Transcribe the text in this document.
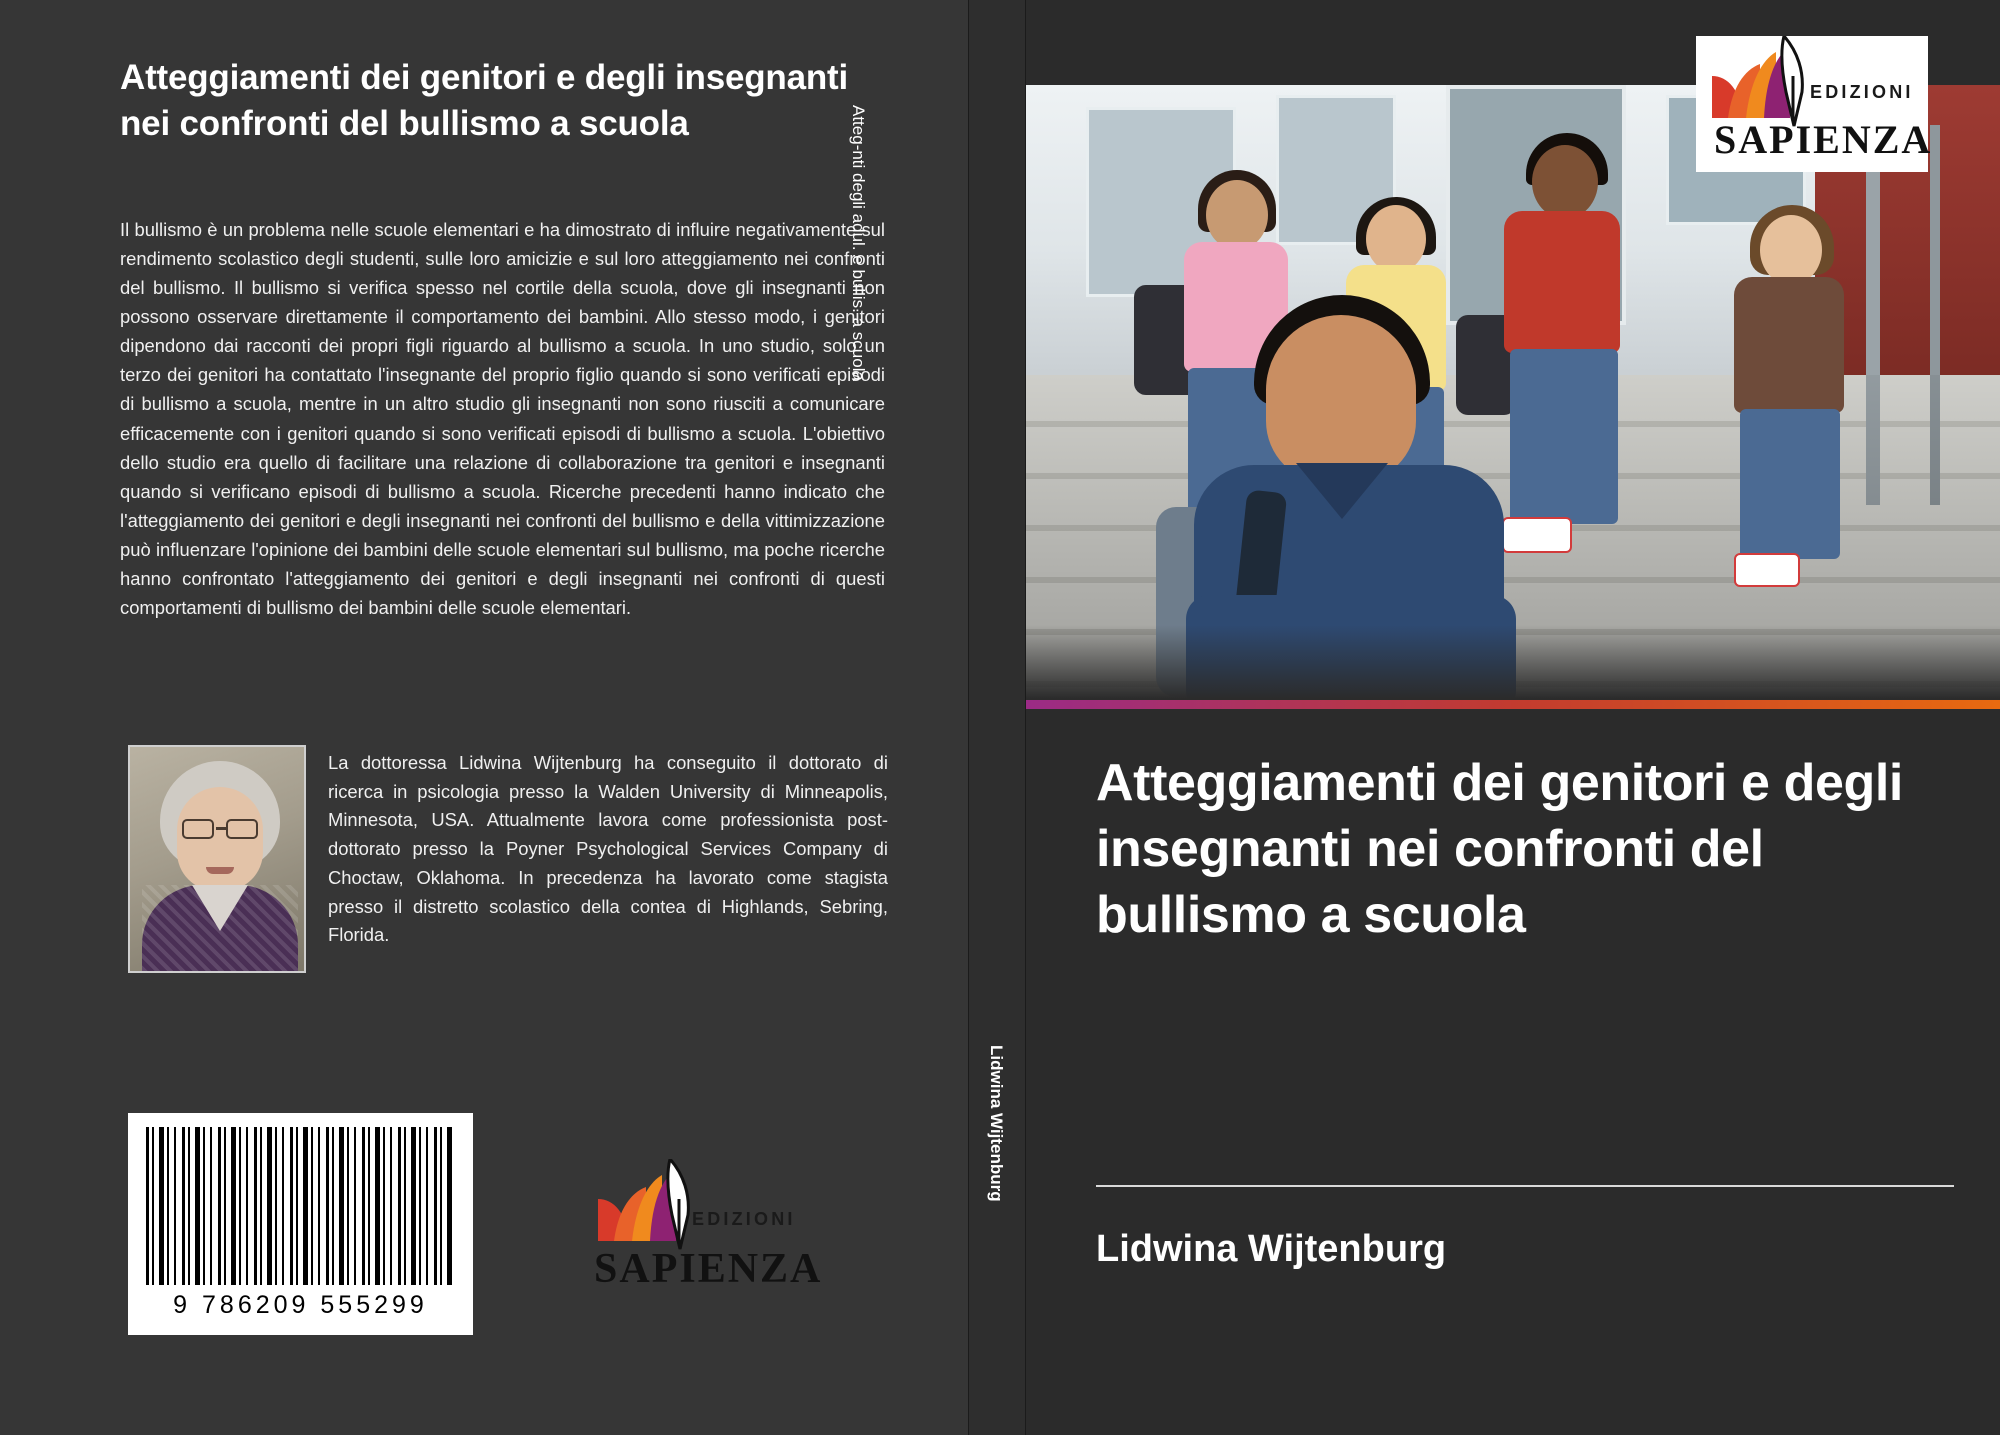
Atteggiamenti dei genitori e degli insegnanti nei confronti del bullismo a scuola
Il bullismo è un problema nelle scuole elementari e ha dimostrato di influire negativamente sul rendimento scolastico degli studenti, sulle loro amicizie e sul loro atteggiamento nei confronti del bullismo. Il bullismo si verifica spesso nel cortile della scuola, dove gli insegnanti non possono osservare direttamente il comportamento dei bambini. Allo stesso modo, i genitori dipendono dai racconti dei propri figli riguardo al bullismo a scuola. In uno studio, solo un terzo dei genitori ha contattato l'insegnante del proprio figlio quando si sono verificati episodi di bullismo a scuola, mentre in un altro studio gli insegnanti non sono riusciti a comunicare efficacemente con i genitori quando si sono verificati episodi di bullismo a scuola. L'obiettivo dello studio era quello di facilitare una relazione di collaborazione tra genitori e insegnanti quando si verificano episodi di bullismo a scuola. Ricerche precedenti hanno indicato che l'atteggiamento dei genitori e degli insegnanti nei confronti del bullismo e della vittimizzazione può influenzare l'opinione dei bambini delle scuole elementari sul bullismo, ma poche ricerche hanno confrontato l'atteggiamento dei genitori e degli insegnanti nei confronti di questi comportamenti di bullismo dei bambini delle scuole elementari.
La dottoressa Lidwina Wijtenburg ha conseguito il dottorato di ricerca in psicologia presso la Walden University di Minneapolis, Minnesota, USA. Attualmente lavora come professionista post-dottorato presso la Poyner Psychological Services Company di Choctaw, Oklahoma. In precedenza ha lavorato come stagista presso il distretto scolastico della contea di Highlands, Sebring, Florida.
9 786209 555299
EDIZIONI
SAPIENZA
Atteg-nti degli adul. e bullis. a scuola
Lidwina Wijtenburg
Atteggiamenti dei genitori e degli insegnanti nei confronti del bullismo a scuola
Lidwina Wijtenburg
EDIZIONI
SAPIENZA
